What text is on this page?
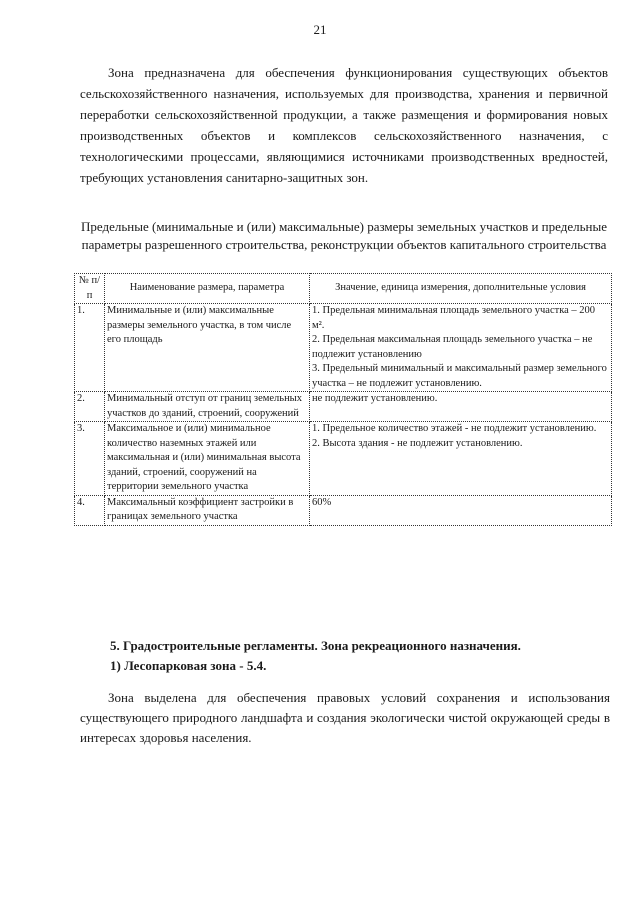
21

Зона предназначена для обеспечения функционирования существующих объектов сельскохозяйственного назначения, используемых для производства, хранения и первичной переработки сельскохозяйственной продукции, а также размещения и формирования новых производственных объектов и комплексов сельскохозяйственного назначения, с технологическими процессами, являющимися источниками производственных вредностей, требующих установления санитарно-защитных зон.

Предельные (минимальные и (или) максимальные) размеры земельных участков и предельные параметры разрешенного строительства, реконструкции объектов капитального строительства

№ п/п	Наименование размера, параметра	Значение, единица измерения, дополнительные условия
1.	Минимальные и (или) максимальные размеры земельного участка, в том числе его площадь	1. Предельная минимальная площадь земельного участка – 200 м².
2. Предельная максимальная площадь земельного участка – не подлежит установлению
3. Предельный минимальный и максимальный размер земельного участка – не подлежит установлению.

2.	Минимальный отступ от границ земельных участков до зданий, строений, сооружений	не подлежит установлению.

3.	Максимальное и (или) минимальное количество наземных этажей или максимальная и (или) минимальная высота зданий, строений, сооружений на территории земельного участка	1. Предельное количество этажей - не подлежит установлению.
2. Высота здания - не подлежит установлению.

4.	Максимальный коэффициент застройки в границах земельного участка	60%
5. Градостроительные регламенты. Зона рекреационного назначения.
1) Лесопарковая зона - 5.4.

Зона выделена для обеспечения правовых условий сохранения и использования существующего природного ландшафта и создания экологически чистой окружающей среды в интересах здоровья населения.
